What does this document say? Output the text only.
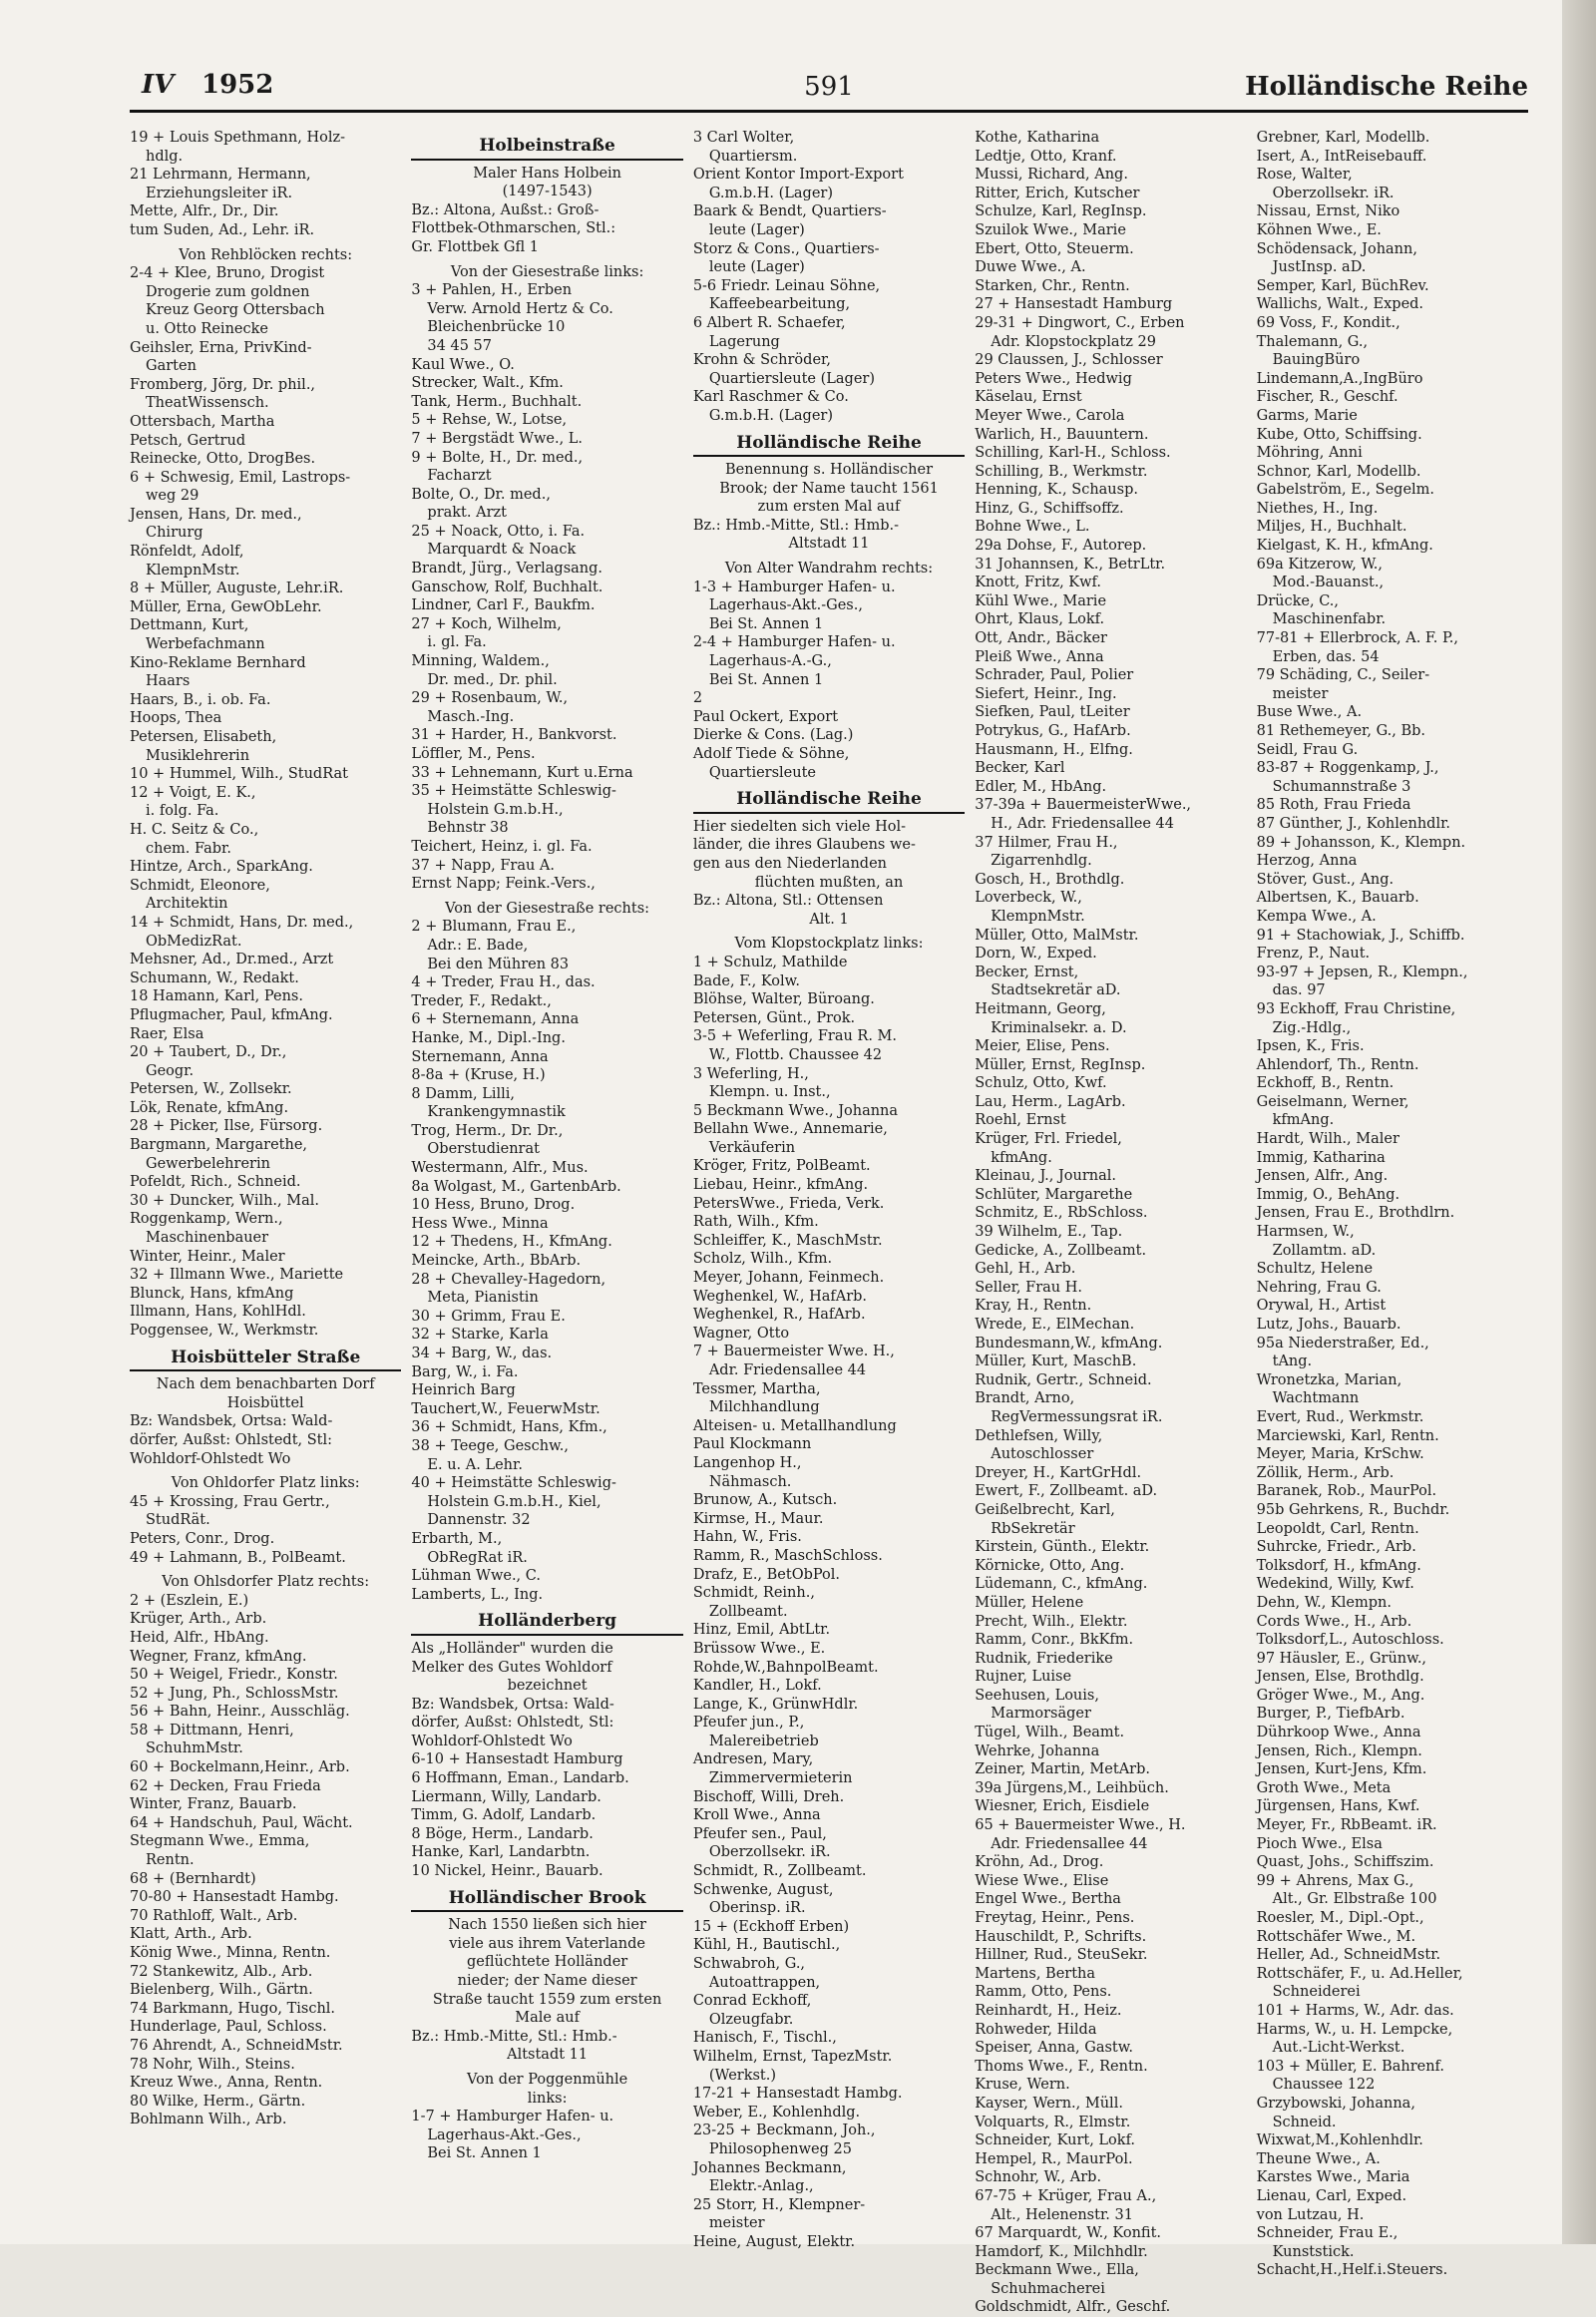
IV 1952	591	Holländische Reihe
19 + Louis Spethmann, Holz-
hdlg.
21 Lehrmann, Hermann,
Erziehungsleiter iR.
Mette, Alfr., Dr., Dir.
tum Suden, Ad., Lehr. iR.
Von Rehblöcken rechts:
2-4 + Klee, Bruno, Drogist
Drogerie zum goldnen
Kreuz Georg Ottersbach
u. Otto Reinecke
Geihsler, Erna, PrivKind-
Garten
Fromberg, Jörg, Dr. phil.,
TheatWissensch.
Ottersbach, Martha
Petsch, Gertrud
Reinecke, Otto, DrogBes.
6 + Schwesig, Emil, Lastrops-
weg 29
Jensen, Hans, Dr. med.,
Chirurg
Rönfeldt, Adolf,
KlempnMstr.
8 + Müller, Auguste, Lehr.iR.
Müller, Erna, GewObLehr.
Dettmann, Kurt,
Werbefachmann
Kino-Reklame Bernhard
Haars
Haars, B., i. ob. Fa.
Hoops, Thea
Petersen, Elisabeth,
Musiklehrerin
10 + Hummel, Wilh., StudRat
12 + Voigt, E. K.,
i. folg. Fa.
H. C. Seitz & Co.,
chem. Fabr.
Hintze, Arch., SparkAng.
Schmidt, Eleonore,
Architektin
14 + Schmidt, Hans, Dr. med.,
ObMedizRat.
Mehsner, Ad., Dr.med., Arzt
Schumann, W., Redakt.
18 Hamann, Karl, Pens.
Pflugmacher, Paul, kfmAng.
Raer, Elsa
20 + Taubert, D., Dr.,
Geogr.
Petersen, W., Zollsekr.
Lök, Renate, kfmAng.
28 + Picker, Ilse, Fürsorg.
Bargmann, Margarethe,
Gewerbelehrerin
Pofeldt, Rich., Schneid.
30 + Duncker, Wilh., Mal.
Roggenkamp, Wern.,
Maschinenbauer
Winter, Heinr., Maler
32 + Illmann Wwe., Mariette
Blunck, Hans, kfmAng
Illmann, Hans, KohlHdl.
Poggensee, W., Werkmstr.
Hoisbütteler Straße
Nach dem benachbarten Dorf
Hoisbüttel
Bz: Wandsbek, Ortsa: Wald-
dörfer, Außst: Ohlstedt, Stl:
Wohldorf-Ohlstedt Wo
Von Ohldorfer Platz links:
45 + Krossing, Frau Gertr.,
StudRät.
Peters, Conr., Drog.
49 + Lahmann, B., PolBeamt.
Von Ohlsdorfer Platz rechts:
2 + (Eszlein, E.)
Krüger, Arth., Arb.
Heid, Alfr., HbAng.
Wegner, Franz, kfmAng.
50 + Weigel, Friedr., Konstr.
52 + Jung, Ph., SchlossMstr.
56 + Bahn, Heinr., Ausschläg.
58 + Dittmann, Henri,
SchuhmMstr.
60 + Bockelmann,Heinr., Arb.
62 + Decken, Frau Frieda
Winter, Franz, Bauarb.
64 + Handschuh, Paul, Wächt.
Stegmann Wwe., Emma,
Rentn.
68 + (Bernhardt)
70-80 + Hansestadt Hambg.
70 Rathloff, Walt., Arb.
Klatt, Arth., Arb.
König Wwe., Minna, Rentn.
72 Stankewitz, Alb., Arb.
Bielenberg, Wilh., Gärtn.
74 Barkmann, Hugo, Tischl.
Hunderlage, Paul, Schloss.
76 Ahrendt, A., SchneidMstr.
78 Nohr, Wilh., Steins.
Kreuz Wwe., Anna, Rentn.
80 Wilke, Herm., Gärtn.
Bohlmann Wilh., Arb.
Holbeinstraße
Maler Hans Holbein
(1497-1543)
Bz.: Altona, Außst.: Groß-
Flottbek-Othmarschen, Stl.:
Gr. Flottbek Gfl 1
Von der Giesestraße links:
3 + Pahlen, H., Erben
Verw. Arnold Hertz & Co.
Bleichenbrücke 10
34 45 57
Kaul Wwe., O.
Strecker, Walt., Kfm.
Tank, Herm., Buchhalt.
5 + Rehse, W., Lotse,
7 + Bergstädt Wwe., L.
9 + Bolte, H., Dr. med.,
Facharzt
Bolte, O., Dr. med.,
prakt. Arzt
25 + Noack, Otto, i. Fa.
Marquardt & Noack
Brandt, Jürg., Verlagsang.
Ganschow, Rolf, Buchhalt.
Lindner, Carl F., Baukfm.
27 + Koch, Wilhelm,
i. gl. Fa.
Minning, Waldem.,
Dr. med., Dr. phil.
29 + Rosenbaum, W.,
Masch.-Ing.
31 + Harder, H., Bankvorst.
Löffler, M., Pens.
33 + Lehnemann, Kurt u.Erna
35 + Heimstätte Schleswig-
Holstein G.m.b.H.,
Behnstr 38
Teichert, Heinz, i. gl. Fa.
37 + Napp, Frau A.
Ernst Napp; Feink.-Vers.,
Von der Giesestraße rechts:
2 + Blumann, Frau E.,
Adr.: E. Bade,
Bei den Mühren 83
4 + Treder, Frau H., das.
Treder, F., Redakt.,
6 + Sternemann, Anna
Hanke, M., Dipl.-Ing.
Sternemann, Anna
8-8a + (Kruse, H.)
8 Damm, Lilli,
Krankengymnastik
Trog, Herm., Dr. Dr.,
Oberstudienrat
Westermann, Alfr., Mus.
8a Wolgast, M., GartenbArb.
10 Hess, Bruno, Drog.
Hess Wwe., Minna
12 + Thedens, H., KfmAng.
Meincke, Arth., BbArb.
28 + Chevalley-Hagedorn,
Meta, Pianistin
30 + Grimm, Frau E.
32 + Starke, Karla
34 + Barg, W., das.
Barg, W., i. Fa.
Heinrich Barg
Tauchert,W., FeuerwMstr.
36 + Schmidt, Hans, Kfm.,
38 + Teege, Geschw.,
E. u. A. Lehr.
40 + Heimstätte Schleswig-
Holstein G.m.b.H., Kiel,
Dannenstr. 32
Erbarth, M.,
ObRegRat iR.
Lühman Wwe., C.
Lamberts, L., Ing.
Holländerberg
Als „Holländer" wurden die
Melker des Gutes Wohldorf
bezeichnet
Bz: Wandsbek, Ortsa: Wald-
dörfer, Außst: Ohlstedt, Stl:
Wohldorf-Ohlstedt Wo
6-10 + Hansestadt Hamburg
6 Hoffmann, Eman., Landarb.
Liermann, Willy, Landarb.
Timm, G. Adolf, Landarb.
8 Böge, Herm., Landarb.
Hanke, Karl, Landarbtn.
10 Nickel, Heinr., Bauarb.
Holländischer Brook
Nach 1550 ließen sich hier
viele aus ihrem Vaterlande
geflüchtete Holländer
nieder; der Name dieser
Straße taucht 1559 zum ersten
Male auf
Bz.: Hmb.-Mitte, Stl.: Hmb.-
Altstadt 11
Von der Poggenmühle
links:
1-7 + Hamburger Hafen- u.
Lagerhaus-Akt.-Ges.,
Bei St. Annen 1
3 Carl Wolter,
Quartiersm.
Orient Kontor Import-Export
G.m.b.H. (Lager)
Baark & Bendt, Quartiers-
leute (Lager)
Storz & Cons., Quartiers-
leute (Lager)
5-6 Friedr. Leinau Söhne,
Kaffeebearbeitung,
6 Albert R. Schaefer,
Lagerung
Krohn & Schröder,
Quartiersleute (Lager)
Karl Raschmer & Co.
G.m.b.H. (Lager)
Holländische Reihe
Benennung s. Holländischer
Brook; der Name taucht 1561
zum ersten Mal auf
Bz.: Hmb.-Mitte, Stl.: Hmb.-
Altstadt 11
Von Alter Wandrahm rechts:
1-3 + Hamburger Hafen- u.
Lagerhaus-Akt.-Ges.,
Bei St. Annen 1
2-4 + Hamburger Hafen- u.
Lagerhaus-A.-G.,
Bei St. Annen 1
2
Paul Ockert, Export
Dierke & Cons. (Lag.)
Adolf Tiede & Söhne,
Quartiersleute
Holländische Reihe
Hier siedelten sich viele Hol-
länder, die ihres Glaubens we-
gen aus den Niederlanden
flüchten mußten, an
Bz.: Altona, Stl.: Ottensen
Alt. 1
Vom Klopstockplatz links:
1 + Schulz, Mathilde
Bade, F., Kolw.
Blöhse, Walter, Büroang.
Petersen, Günt., Prok.
3-5 + Weferling, Frau R. M.
W., Flottb. Chaussee 42
3 Weferling, H.,
Klempn. u. Inst.,
5 Beckmann Wwe., Johanna
Bellahn Wwe., Annemarie,
Verkäuferin
Kröger, Fritz, PolBeamt.
Liebau, Heinr., kfmAng.
PetersWwe., Frieda, Verk.
Rath, Wilh., Kfm.
Schleiffer, K., MaschMstr.
Scholz, Wilh., Kfm.
Meyer, Johann, Feinmech.
Weghenkel, W., HafArb.
Weghenkel, R., HafArb.
Wagner, Otto
7 + Bauermeister Wwe. H.,
Adr. Friedensallee 44
Tessmer, Martha,
Milchhandlung
Alteisen- u. Metallhandlung
Paul Klockmann
Langenhop H.,
Nähmasch.
Brunow, A., Kutsch.
Kirmse, H., Maur.
Hahn, W., Fris.
Ramm, R., MaschSchloss.
Drafz, E., BetObPol.
Schmidt, Reinh.,
Zollbeamt.
Hinz, Emil, AbtLtr.
Brüssow Wwe., E.
Rohde,W.,BahnpolBeamt.
Kandler, H., Lokf.
Lange, K., GrünwHdlr.
Pfeufer jun., P.,
Malereibetrieb
Andresen, Mary,
Zimmervermieterin
Bischoff, Willi, Dreh.
Kroll Wwe., Anna
Pfeufer sen., Paul,
Oberzollsekr. iR.
Schmidt, R., Zollbeamt.
Schwenke, August,
Oberinsp. iR.
15 + (Eckhoff Erben)
Kühl, H., Bautischl.,
Schwabroh, G.,
Autoattrappen,
Conrad Eckhoff,
Olzeugfabr.
Hanisch, F., Tischl.,
Wilhelm, Ernst, TapezMstr.
(Werkst.)
17-21 + Hansestadt Hambg.
Weber, E., Kohlenhdlg.
23-25 + Beckmann, Joh.,
Philosophenweg 25
Johannes Beckmann,
Elektr.-Anlag.,
25 Storr, H., Klempner-
meister
Heine, August, Elektr.
Kothe, Katharina
Ledtje, Otto, Kranf.
Mussi, Richard, Ang.
Ritter, Erich, Kutscher
Schulze, Karl, RegInsp.
Szuilok Wwe., Marie
Ebert, Otto, Steuerm.
Duwe Wwe., A.
Starken, Chr., Rentn.
27 + Hansestadt Hamburg
29-31 + Dingwort, C., Erben
Adr. Klopstockplatz 29
29 Claussen, J., Schlosser
Peters Wwe., Hedwig
Käselau, Ernst
Meyer Wwe., Carola
Warlich, H., Bauuntern.
Schilling, Karl-H., Schloss.
Schilling, B., Werkmstr.
Henning, K., Schausp.
Hinz, G., Schiffsoffz.
Bohne Wwe., L.
29a Dohse, F., Autorep.
31 Johannsen, K., BetrLtr.
Knott, Fritz, Kwf.
Kühl Wwe., Marie
Ohrt, Klaus, Lokf.
Ott, Andr., Bäcker
Pleiß Wwe., Anna
Schrader, Paul, Polier
Siefert, Heinr., Ing.
Siefken, Paul, tLeiter
Potrykus, G., HafArb.
Hausmann, H., Elfng.
Becker, Karl
Edler, M., HbAng.
37-39a + BauermeisterWwe.,
H., Adr. Friedensallee 44
37 Hilmer, Frau H.,
Zigarrenhdlg.
Gosch, H., Brothdlg.
Loverbeck, W.,
KlempnMstr.
Müller, Otto, MalMstr.
Dorn, W., Exped.
Becker, Ernst,
Stadtsekretär aD.
Heitmann, Georg,
Kriminalsekr. a. D.
Meier, Elise, Pens.
Müller, Ernst, RegInsp.
Schulz, Otto, Kwf.
Lau, Herm., LagArb.
Roehl, Ernst
Krüger, Frl. Friedel,
kfmAng.
Kleinau, J., Journal.
Schlüter, Margarethe
Schmitz, E., RbSchloss.
39 Wilhelm, E., Tap.
Gedicke, A., Zollbeamt.
Gehl, H., Arb.
Seller, Frau H.
Kray, H., Rentn.
Wrede, E., ElMechan.
Bundesmann,W., kfmAng.
Müller, Kurt, MaschB.
Rudnik, Gertr., Schneid.
Brandt, Arno,
RegVermessungsrat iR.
Dethlefsen, Willy,
Autoschlosser
Dreyer, H., KartGrHdl.
Ewert, F., Zollbeamt. aD.
Geißelbrecht, Karl,
RbSekretär
Kirstein, Günth., Elektr.
Körnicke, Otto, Ang.
Lüdemann, C., kfmAng.
Müller, Helene
Precht, Wilh., Elektr.
Ramm, Conr., BkKfm.
Rudnik, Friederike
Rujner, Luise
Seehusen, Louis,
Marmorsäger
Tügel, Wilh., Beamt.
Wehrke, Johanna
Zeiner, Martin, MetArb.
39a Jürgens,M., Leihbüch.
Wiesner, Erich, Eisdiele
65 + Bauermeister Wwe., H.
Adr. Friedensallee 44
Kröhn, Ad., Drog.
Wiese Wwe., Elise
Engel Wwe., Bertha
Freytag, Heinr., Pens.
Hauschildt, P., Schrifts.
Hillner, Rud., SteuSekr.
Martens, Bertha
Ramm, Otto, Pens.
Reinhardt, H., Heiz.
Rohweder, Hilda
Speiser, Anna, Gastw.
Thoms Wwe., F., Rentn.
Kruse, Wern.
Kayser, Wern., Müll.
Volquarts, R., Elmstr.
Schneider, Kurt, Lokf.
Hempel, R., MaurPol.
Schnohr, W., Arb.
67-75 + Krüger, Frau A.,
Alt., Helenenstr. 31
67 Marquardt, W., Konfit.
Hamdorf, K., Milchhdlr.
Beckmann Wwe., Ella,
Schuhmacherei
Goldschmidt, Alfr., Geschf.
Grebner, Karl, Modellb.
Isert, A., IntReisebauff.
Rose, Walter,
Oberzollsekr. iR.
Nissau, Ernst, Niko
Köhnen Wwe., E.
Schödensack, Johann,
JustInsp. aD.
Semper, Karl, BüchRev.
Wallichs, Walt., Exped.
69 Voss, F., Kondit.,
Thalemann, G.,
BauingBüro
Lindemann,A.,IngBüro
Fischer, R., Geschf.
Garms, Marie
Kube, Otto, Schiffsing.
Möhring, Anni
Schnor, Karl, Modellb.
Gabelström, E., Segelm.
Niethes, H., Ing.
Miljes, H., Buchhalt.
Kielgast, K. H., kfmAng.
69a Kitzerow, W.,
Mod.-Bauanst.,
Drücke, C.,
Maschinenfabr.
77-81 + Ellerbrock, A. F. P.,
Erben, das. 54
79 Schäding, C., Seiler-
meister
Buse Wwe., A.
81 Rethemeyer, G., Bb.
Seidl, Frau G.
83-87 + Roggenkamp, J.,
Schumannstraße 3
85 Roth, Frau Frieda
87 Günther, J., Kohlenhdlr.
89 + Johansson, K., Klempn.
Herzog, Anna
Stöver, Gust., Ang.
Albertsen, K., Bauarb.
Kempa Wwe., A.
91 + Stachowiak, J., Schiffb.
Frenz, P., Naut.
93-97 + Jepsen, R., Klempn.,
das. 97
93 Eckhoff, Frau Christine,
Zig.-Hdlg.,
Ipsen, K., Fris.
Ahlendorf, Th., Rentn.
Eckhoff, B., Rentn.
Geiselmann, Werner,
kfmAng.
Hardt, Wilh., Maler
Immig, Katharina
Jensen, Alfr., Ang.
Immig, O., BehAng.
Jensen, Frau E., Brothdlrn.
Harmsen, W.,
Zollamtm. aD.
Schultz, Helene
Nehring, Frau G.
Orywal, H., Artist
Lutz, Johs., Bauarb.
95a Niederstraßer, Ed.,
tAng.
Wronetzka, Marian,
Wachtmann
Evert, Rud., Werkmstr.
Marciewski, Karl, Rentn.
Meyer, Maria, KrSchw.
Zöllik, Herm., Arb.
Baranek, Rob., MaurPol.
95b Gehrkens, R., Buchdr.
Leopoldt, Carl, Rentn.
Suhrcke, Friedr., Arb.
Tolksdorf, H., kfmAng.
Wedekind, Willy, Kwf.
Dehn, W., Klempn.
Cords Wwe., H., Arb.
Tolksdorf,L., Autoschloss.
97 Häusler, E., Grünw.,
Jensen, Else, Brothdlg.
Gröger Wwe., M., Ang.
Burger, P., TiefbArb.
Dührkoop Wwe., Anna
Jensen, Rich., Klempn.
Jensen, Kurt-Jens, Kfm.
Groth Wwe., Meta
Jürgensen, Hans, Kwf.
Meyer, Fr., RbBeamt. iR.
Pioch Wwe., Elsa
Quast, Johs., Schiffszim.
99 + Ahrens, Max G.,
Alt., Gr. Elbstraße 100
Roesler, M., Dipl.-Opt.,
Rottschäfer Wwe., M.
Heller, Ad., SchneidMstr.
Rottschäfer, F., u. Ad.Heller,
Schneiderei
101 + Harms, W., Adr. das.
Harms, W., u. H. Lempcke,
Aut.-Licht-Werkst.
103 + Müller, E. Bahrenf.
Chaussee 122
Grzybowski, Johanna,
Schneid.
Wixwat,M.,Kohlenhdlr.
Theune Wwe., A.
Karstes Wwe., Maria
Lienau, Carl, Exped.
von Lutzau, H.
Schneider, Frau E.,
Kunststick.
Schacht,H.,Helf.i.Steuers.
